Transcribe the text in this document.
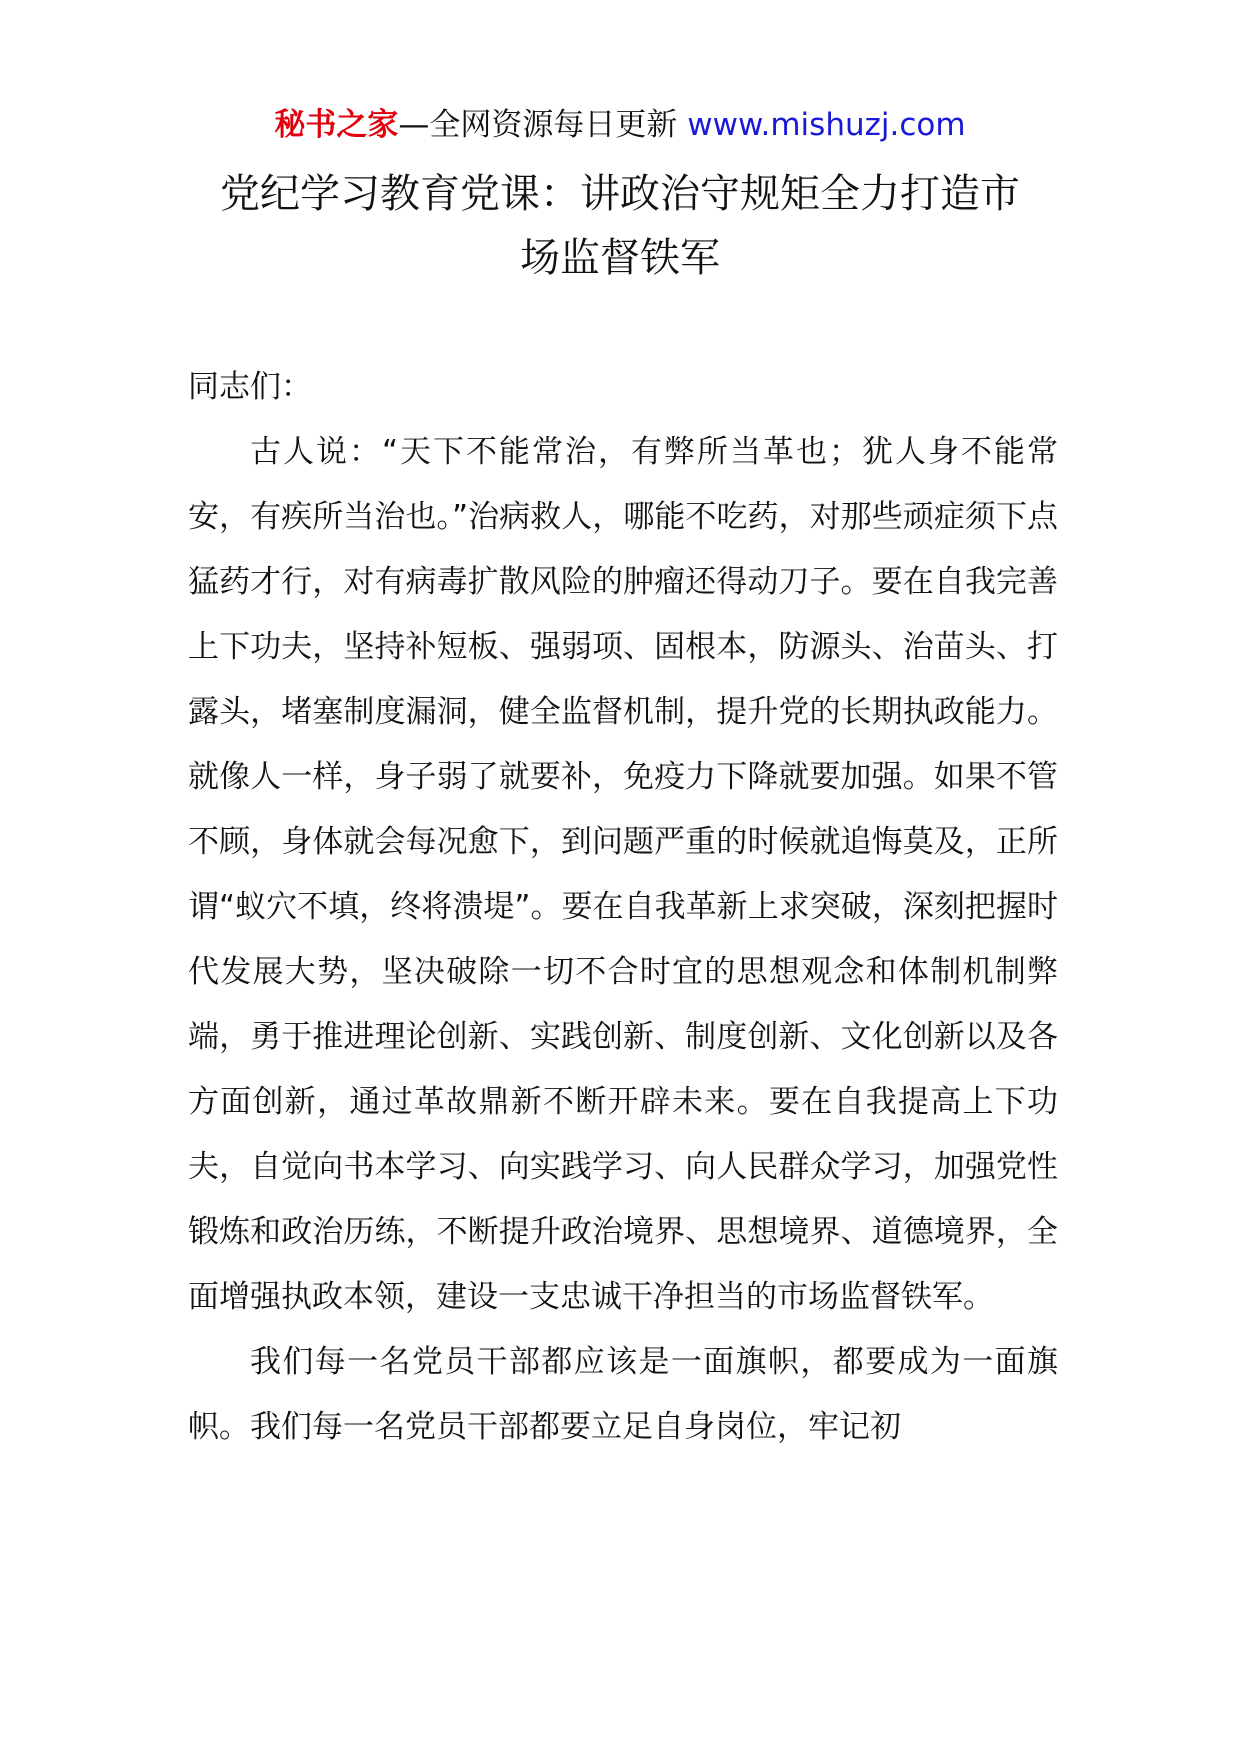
秘书之家—全网资源每日更新 www.mishuzj.com
党纪学习教育党课：讲政治守规矩全力打造市
场监督铁军

同志们：

古人说：“天下不能常治，有弊所当革也；犹人身不能常安，有疾所当治也。”治病救人，哪能不吃药，对那些顽症须下点猛药才行，对有病毒扩散风险的肿瘤还得动刀子。要在自我完善上下功夫，坚持补短板、强弱项、固根本，防源头、治苗头、打露头，堵塞制度漏洞，健全监督机制，提升党的长期执政能力。就像人一样，身子弱了就要补，免疫力下降就要加强。如果不管不顾，身体就会每况愈下，到问题严重的时候就追悔莫及，正所谓“蚁穴不填，终将溃堤”。要在自我革新上求突破，深刻把握时代发展大势，坚决破除一切不合时宜的思想观念和体制机制弊端，勇于推进理论创新、实践创新、制度创新、文化创新以及各方面创新，通过革故鼎新不断开辟未来。要在自我提高上下功夫，自觉向书本学习、向实践学习、向人民群众学习，加强党性锻炼和政治历练，不断提升政治境界、思想境界、道德境界，全面增强执政本领，建设一支忠诚干净担当的市场监督铁军。

我们每一名党员干部都应该是一面旗帜，都要成为一面旗帜。我们每一名党员干部都要立足自身岗位，牢记初
